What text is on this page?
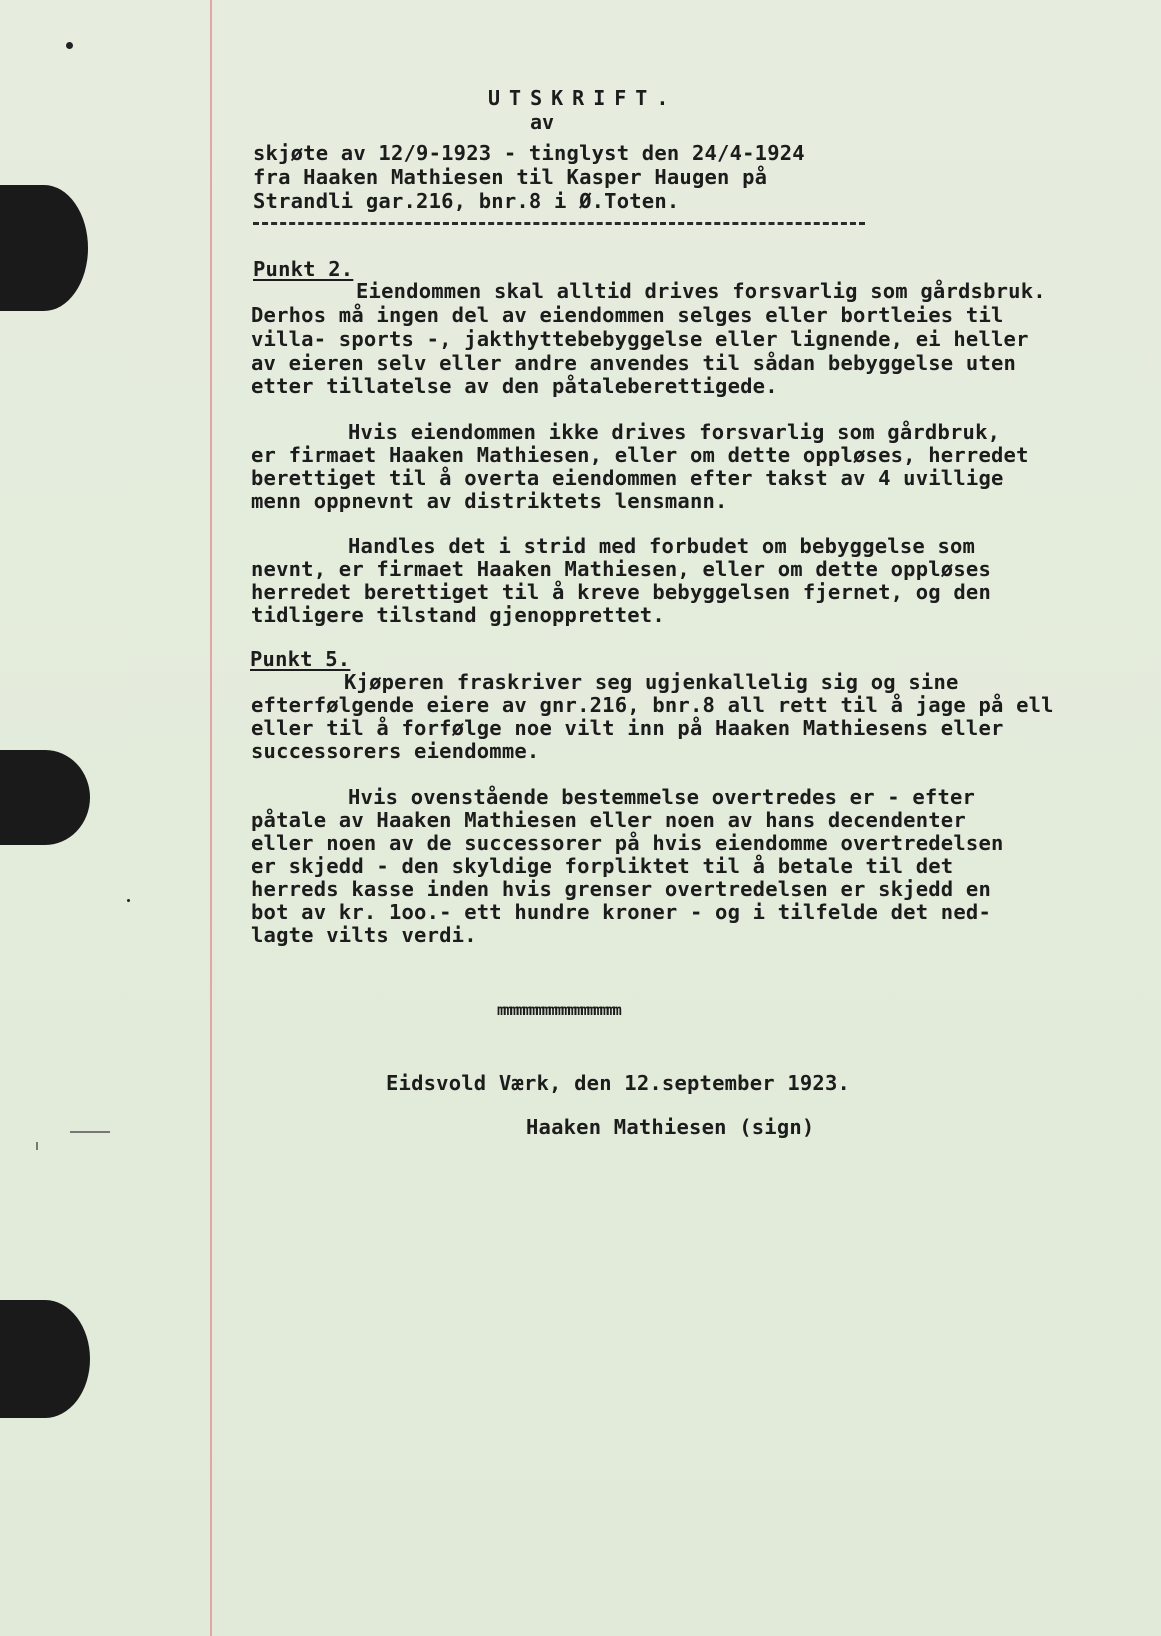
UTSKRIFT.
av
skjøte av 12/9-1923 - tinglyst den 24/4-1924
fra Haaken Mathiesen til Kasper Haugen på
Strandli gar.216, bnr.8 i Ø.Toten.
Punkt 2.
Eiendommen skal alltid drives forsvarlig som gårdsbruk.
Derhos må ingen del av eiendommen selges eller bortleies til
villa- sports -, jakthyttebebyggelse eller lignende, ei heller
av eieren selv eller andre anvendes til sådan bebyggelse uten
etter tillatelse av den påtaleberettigede.
Hvis eiendommen ikke drives forsvarlig som gårdbruk,
er firmaet Haaken Mathiesen, eller om dette oppløses, herredet
berettiget til å overta eiendommen efter takst av 4 uvillige
menn oppnevnt av distriktets lensmann.
Handles det i strid med forbudet om bebyggelse som
nevnt, er firmaet Haaken Mathiesen, eller om dette oppløses
herredet berettiget til å kreve bebyggelsen fjernet, og den
tidligere tilstand gjenopprettet.
Punkt 5.
Kjøperen fraskriver seg ugjenkallelig sig og sine
efterfølgende eiere av gnr.216, bnr.8 all rett til å jage på ell
eller til å forfølge noe vilt inn på Haaken Mathiesens eller
successorers eiendomme.
Hvis ovenstående bestemmelse overtredes er - efter
påtale av Haaken Mathiesen eller noen av hans decendenter
eller noen av de successorer på hvis eiendomme overtredelsen
er skjedd - den skyldige forpliktet til å betale til det
herreds kasse inden hvis grenser overtredelsen er skjedd en
bot av kr. 1oo.- ett hundre kroner - og i tilfelde det ned-
lagte vilts verdi.
mmmmmmmmmmmmmmmmmmm
Eidsvold Værk, den 12.september 1923.
Haaken Mathiesen (sign)
